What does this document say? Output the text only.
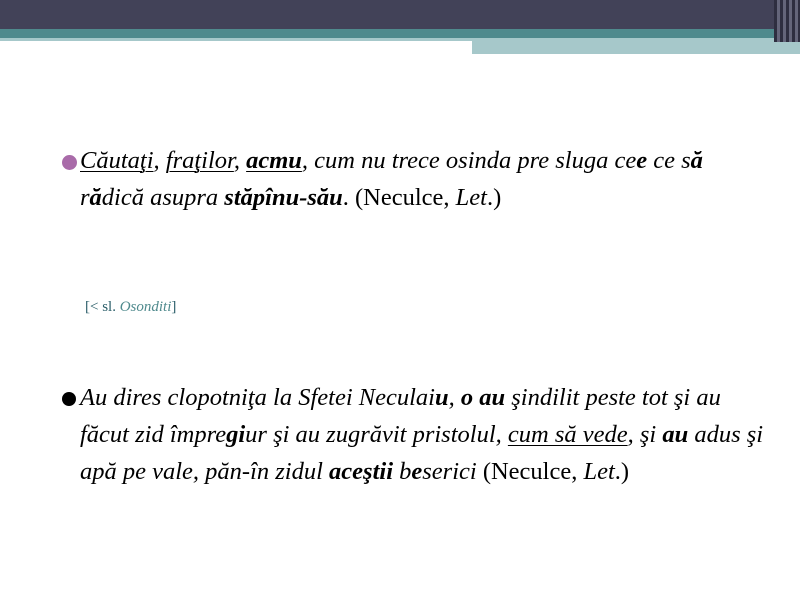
Căutaţi, fraţilor, acmu, cum nu trece osinda pre sluga cee ce să rădică asupra stăpînu-său. (Neculce, Let.)
[< sl. Osonditi]
Au dires clopotniţa la Sfetei Neculaiu, o au şindilit peste tot şi au făcut zid împregiur şi au zugrăvit pristolul, cum să vede, şi au adus şi apă pe vale, păn-în zidul aceştii beserici (Neculce, Let.)
